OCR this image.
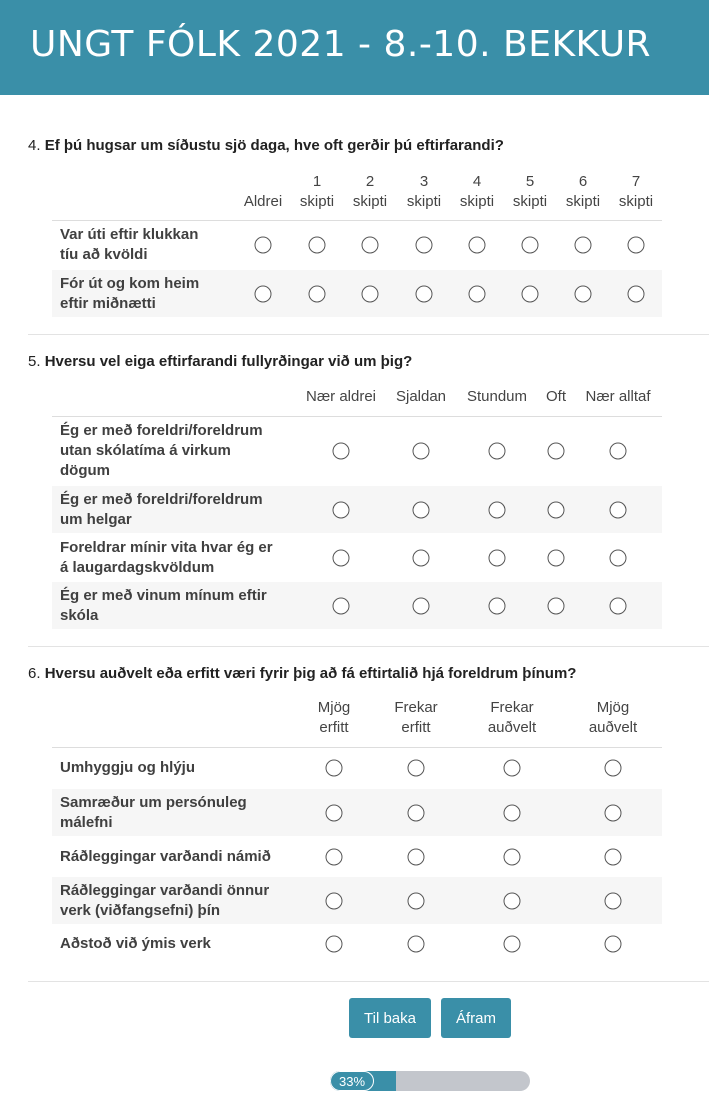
UNGT FÓLK 2021 - 8.-10. BEKKUR
4. Ef þú hugsar um síðustu sjö daga, hve oft gerðir þú eftirfarandi?
Aldrei
1
skipti
2
skipti
3
skipti
4
skipti
5
skipti
6
skipti
7
skipti
Var úti eftir klukkan
tíu að kvöldi
Fór út og kom heim
eftir miðnætti
5. Hversu vel eiga eftirfarandi fullyrðingar við um þig?
Nær aldrei Sjaldan Stundum Oft Nær alltaf
Ég er með foreldri/foreldrum
utan skólatíma á virkum
dögum
Ég er með foreldri/foreldrum
um helgar
Foreldrar mínir vita hvar ég er
á laugardagskvöldum
Ég er með vinum mínum eftir
skóla
6. Hversu auðvelt eða erfitt væri fyrir þig að fá eftirtalið hjá foreldrum þínum?
Mjög
erfitt
Frekar
erfitt
Frekar
auðvelt
Mjög
auðvelt
Umhyggju og hlýju
Samræður um persónuleg
málefni
Ráðleggingar varðandi námið
Ráðleggingar varðandi önnur
verk (viðfangsefni) þín
Aðstoð við ýmis verk
Til baka	Áfram
33%
